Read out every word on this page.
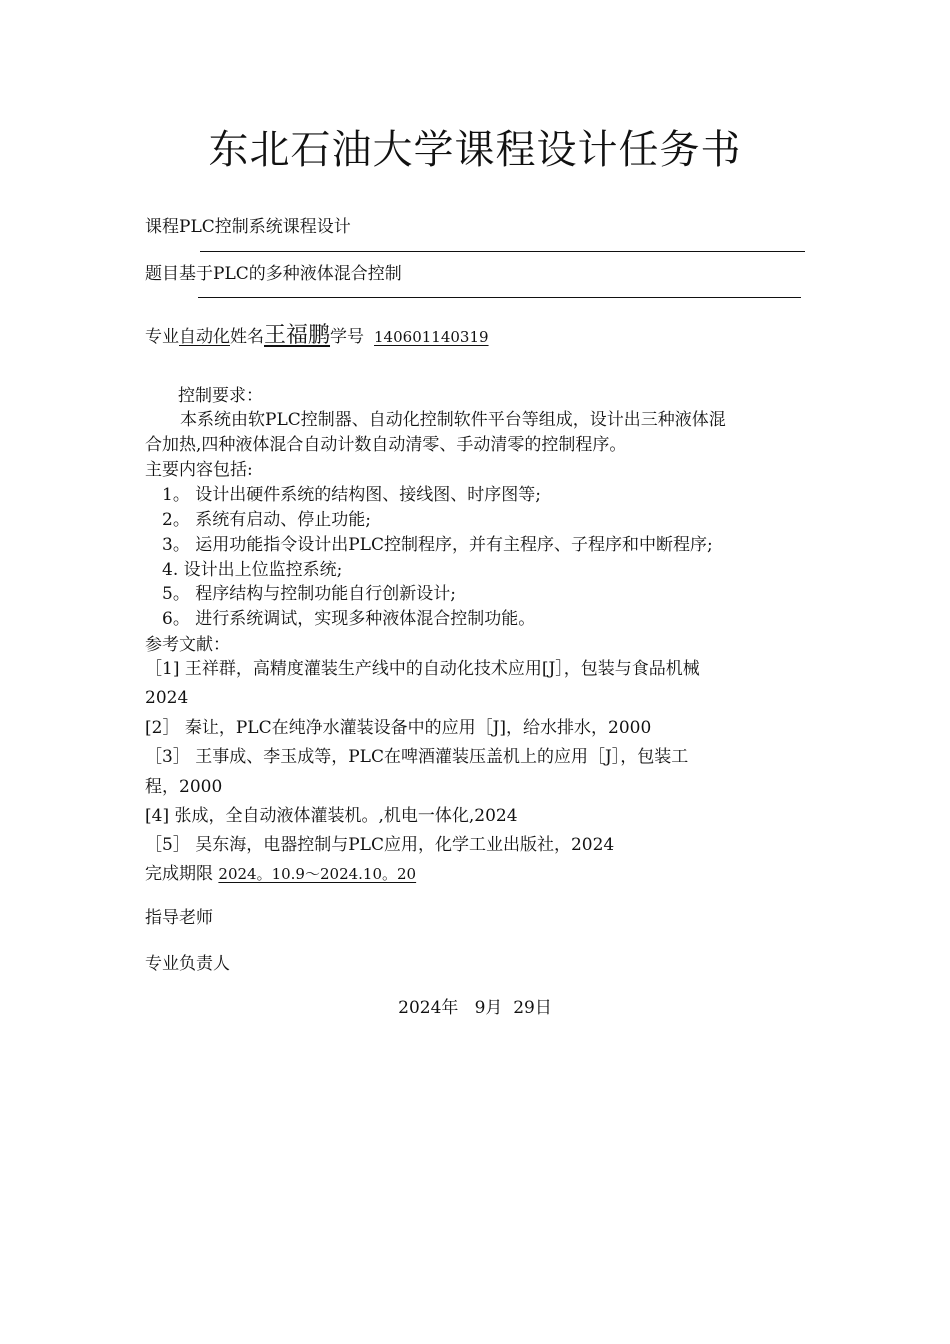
东北石油大学课程设计任务书
课程PLC控制系统课程设计
题目基于PLC的多种液体混合控制
专业自动化姓名王福鹏学号 140601140319
控制要求：
本系统由软PLC控制器、自动化控制软件平台等组成，设计出三种液体混
合加热,四种液体混合自动计数自动清零、手动清零的控制程序。
主要内容包括:
1。 设计出硬件系统的结构图、接线图、时序图等;
2。 系统有启动、停止功能;
3。 运用功能指令设计出PLC控制程序，并有主程序、子程序和中断程序;
4. 设计出上位监控系统;
5。 程序结构与控制功能自行创新设计;
6。 进行系统调试，实现多种液体混合控制功能。
参考文献：
［1] 王祥群，高精度灌装生产线中的自动化技术应用[J］，包装与食品机械
2024
[2］ 秦让，PLC在纯净水灌装设备中的应用［J]，给水排水，2000
［3］ 王事成、李玉成等，PLC在啤酒灌装压盖机上的应用［J］，包装工
程，2000
[4] 张成，全自动液体灌装机。,机电一体化,2024
［5］ 吴东海，电器控制与PLC应用，化学工业出版社，2024
完成期限 2024。10.9～2024.10。20
指导老师
专业负责人
2024年   9月  29日
